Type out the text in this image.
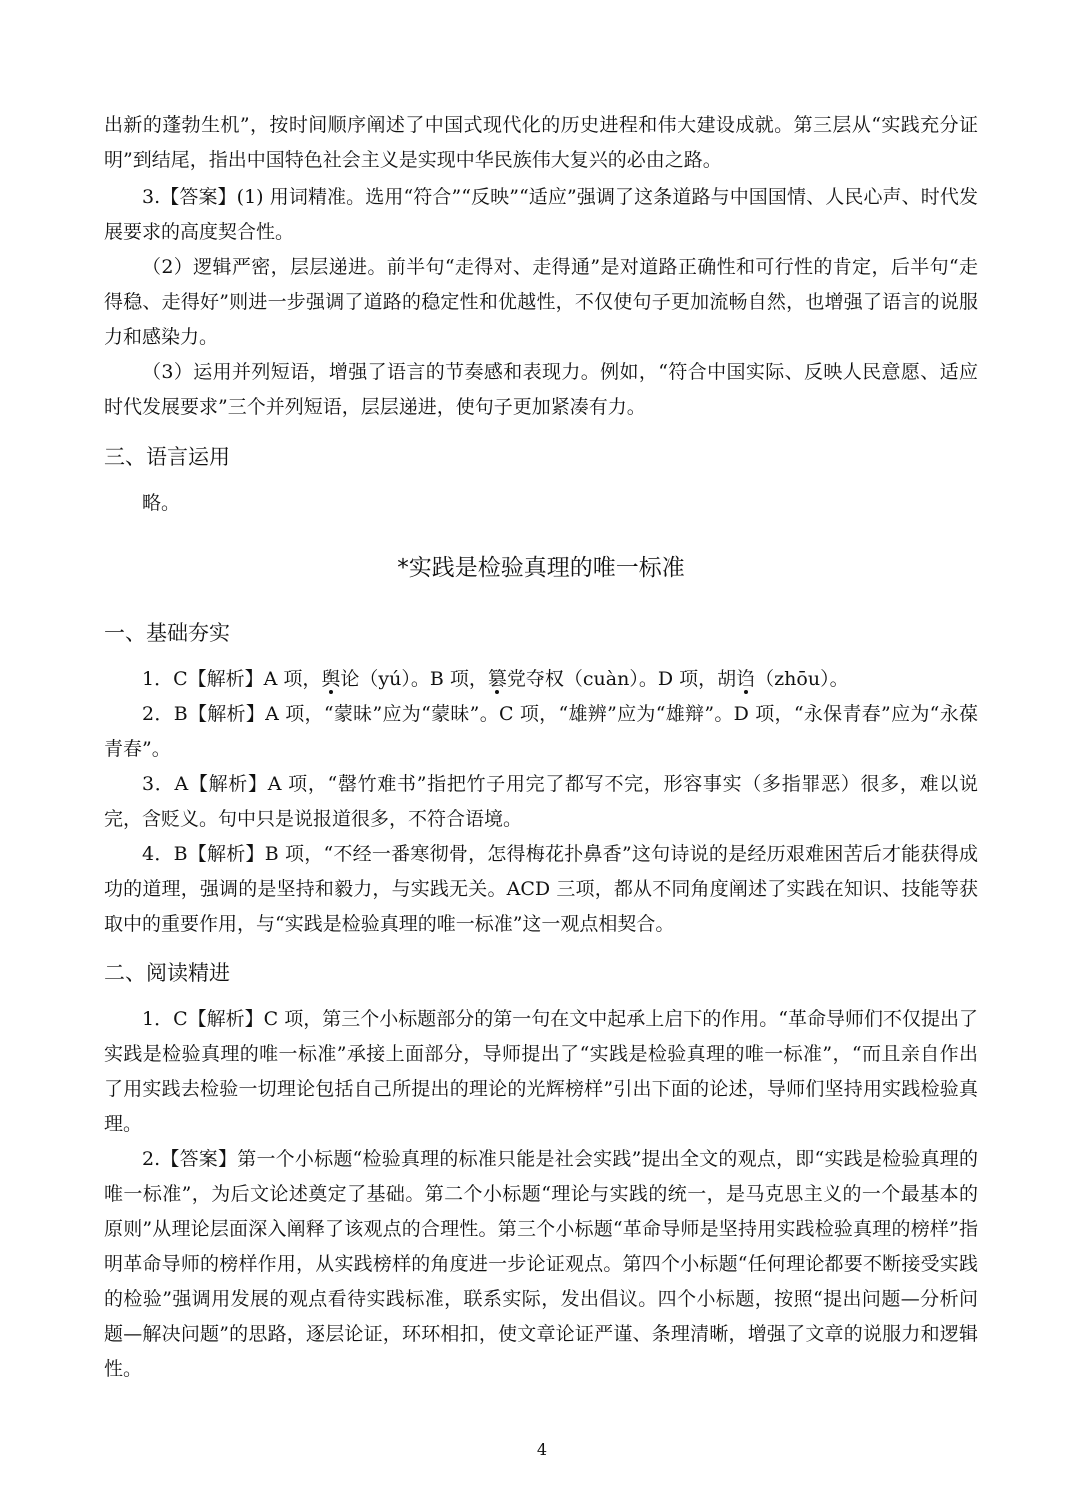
出新的蓬勃生机”，按时间顺序阐述了中国式现代化的历史进程和伟大建设成就。第三层从“实践充分证明”到结尾，指出中国特色社会主义是实现中华民族伟大复兴的必由之路。

3.【答案】(1) 用词精准。选用“符合”“反映”“适应”强调了这条道路与中国国情、人民心声、时代发展要求的高度契合性。

（2）逻辑严密，层层递进。前半句“走得对、走得通”是对道路正确性和可行性的肯定，后半句“走得稳、走得好”则进一步强调了道路的稳定性和优越性，不仅使句子更加流畅自然，也增强了语言的说服力和感染力。

（3）运用并列短语，增强了语言的节奏感和表现力。例如，“符合中国实际、反映人民意愿、适应时代发展要求”三个并列短语，层层递进，使句子更加紧凑有力。

三、语言运用

略。

*实践是检验真理的唯一标准

一、基础夯实

1．C【解析】A 项，舆论（yú）。B 项，篡党夺权（cuàn）。D 项，胡诌（zhōu）。

2．B【解析】A 项，“蒙昧”应为“蒙昧”。C 项，“雄辨”应为“雄辩”。D 项，“永保青春”应为“永葆青春”。

3．A【解析】A 项，“罄竹难书”指把竹子用完了都写不完，形容事实（多指罪恶）很多，难以说完，含贬义。句中只是说报道很多，不符合语境。

4．B【解析】B 项，“不经一番寒彻骨，怎得梅花扑鼻香”这句诗说的是经历艰难困苦后才能获得成功的道理，强调的是坚持和毅力，与实践无关。ACD 三项，都从不同角度阐述了实践在知识、技能等获取中的重要作用，与“实践是检验真理的唯一标准”这一观点相契合。

二、阅读精进

1．C【解析】C 项，第三个小标题部分的第一句在文中起承上启下的作用。“革命导师们不仅提出了实践是检验真理的唯一标准”承接上面部分，导师提出了“实践是检验真理的唯一标准”，“而且亲自作出了用实践去检验一切理论包括自己所提出的理论的光辉榜样”引出下面的论述，导师们坚持用实践检验真理。

2.【答案】第一个小标题“检验真理的标准只能是社会实践”提出全文的观点，即“实践是检验真理的唯一标准”，为后文论述奠定了基础。第二个小标题“理论与实践的统一，是马克思主义的一个最基本的原则”从理论层面深入阐释了该观点的合理性。第三个小标题“革命导师是坚持用实践检验真理的榜样”指明革命导师的榜样作用，从实践榜样的角度进一步论证观点。第四个小标题“任何理论都要不断接受实践的检验”强调用发展的观点看待实践标准，联系实际，发出倡议。四个小标题，按照“提出问题—分析问题—解决问题”的思路，逐层论证，环环相扣，使文章论证严谨、条理清晰，增强了文章的说服力和逻辑性。

4
